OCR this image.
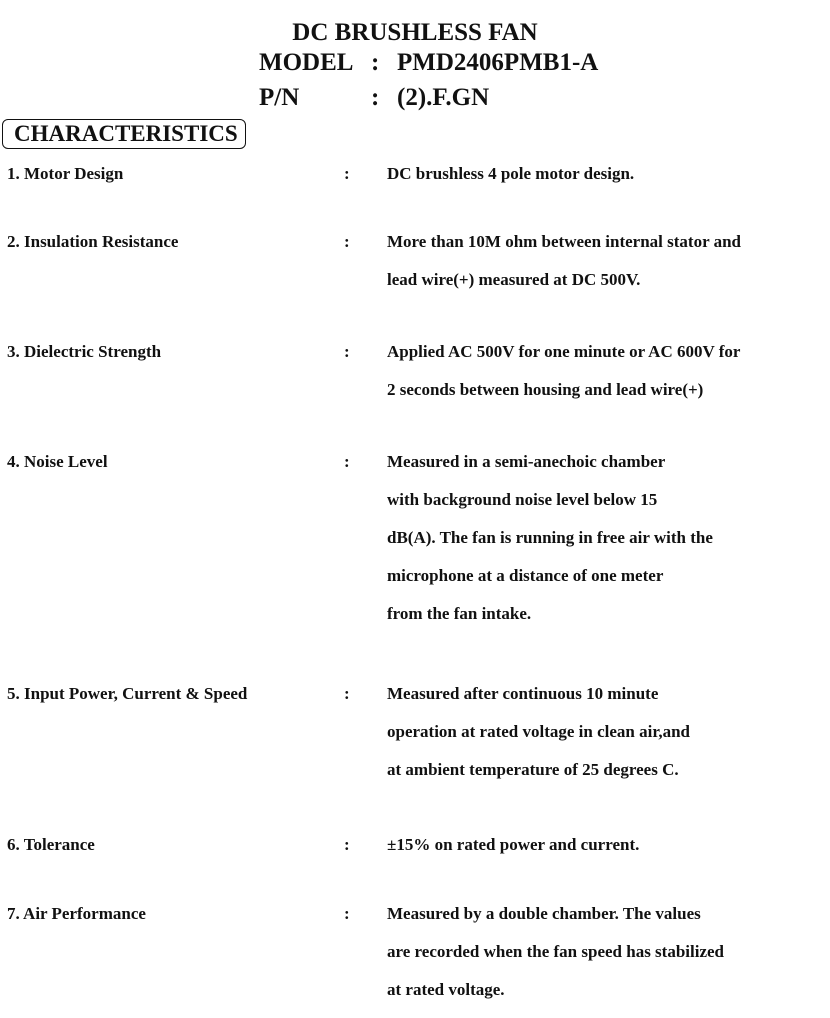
DC BRUSHLESS FAN
MODEL : PMD2406PMB1-A
P/N	: (2).F.GN
CHARACTERISTICS
1. Motor Design	: DC brushless 4 pole motor design.
2. Insulation Resistance	: More than 10M ohm between internal stator and
lead wire(+) measured at DC 500V.
3. Dielectric Strength	: Applied AC 500V for one minute or AC 600V for
2 seconds between housing and lead wire(+)
4. Noise Level	: Measured in a semi-anechoic chamber
with background noise level below 15
dB(A). The fan is running in free air with the
microphone at a distance of one meter
from the fan intake.
5. Input Power, Current & Speed	: Measured after continuous 10 minute
operation at rated voltage in clean air,and
at ambient temperature of 25 degrees C.
6. Tolerance	: ±15% on rated power and current.
7. Air Performance	: Measured by a double chamber. The values
are recorded when the fan speed has stabilized
at rated voltage.
